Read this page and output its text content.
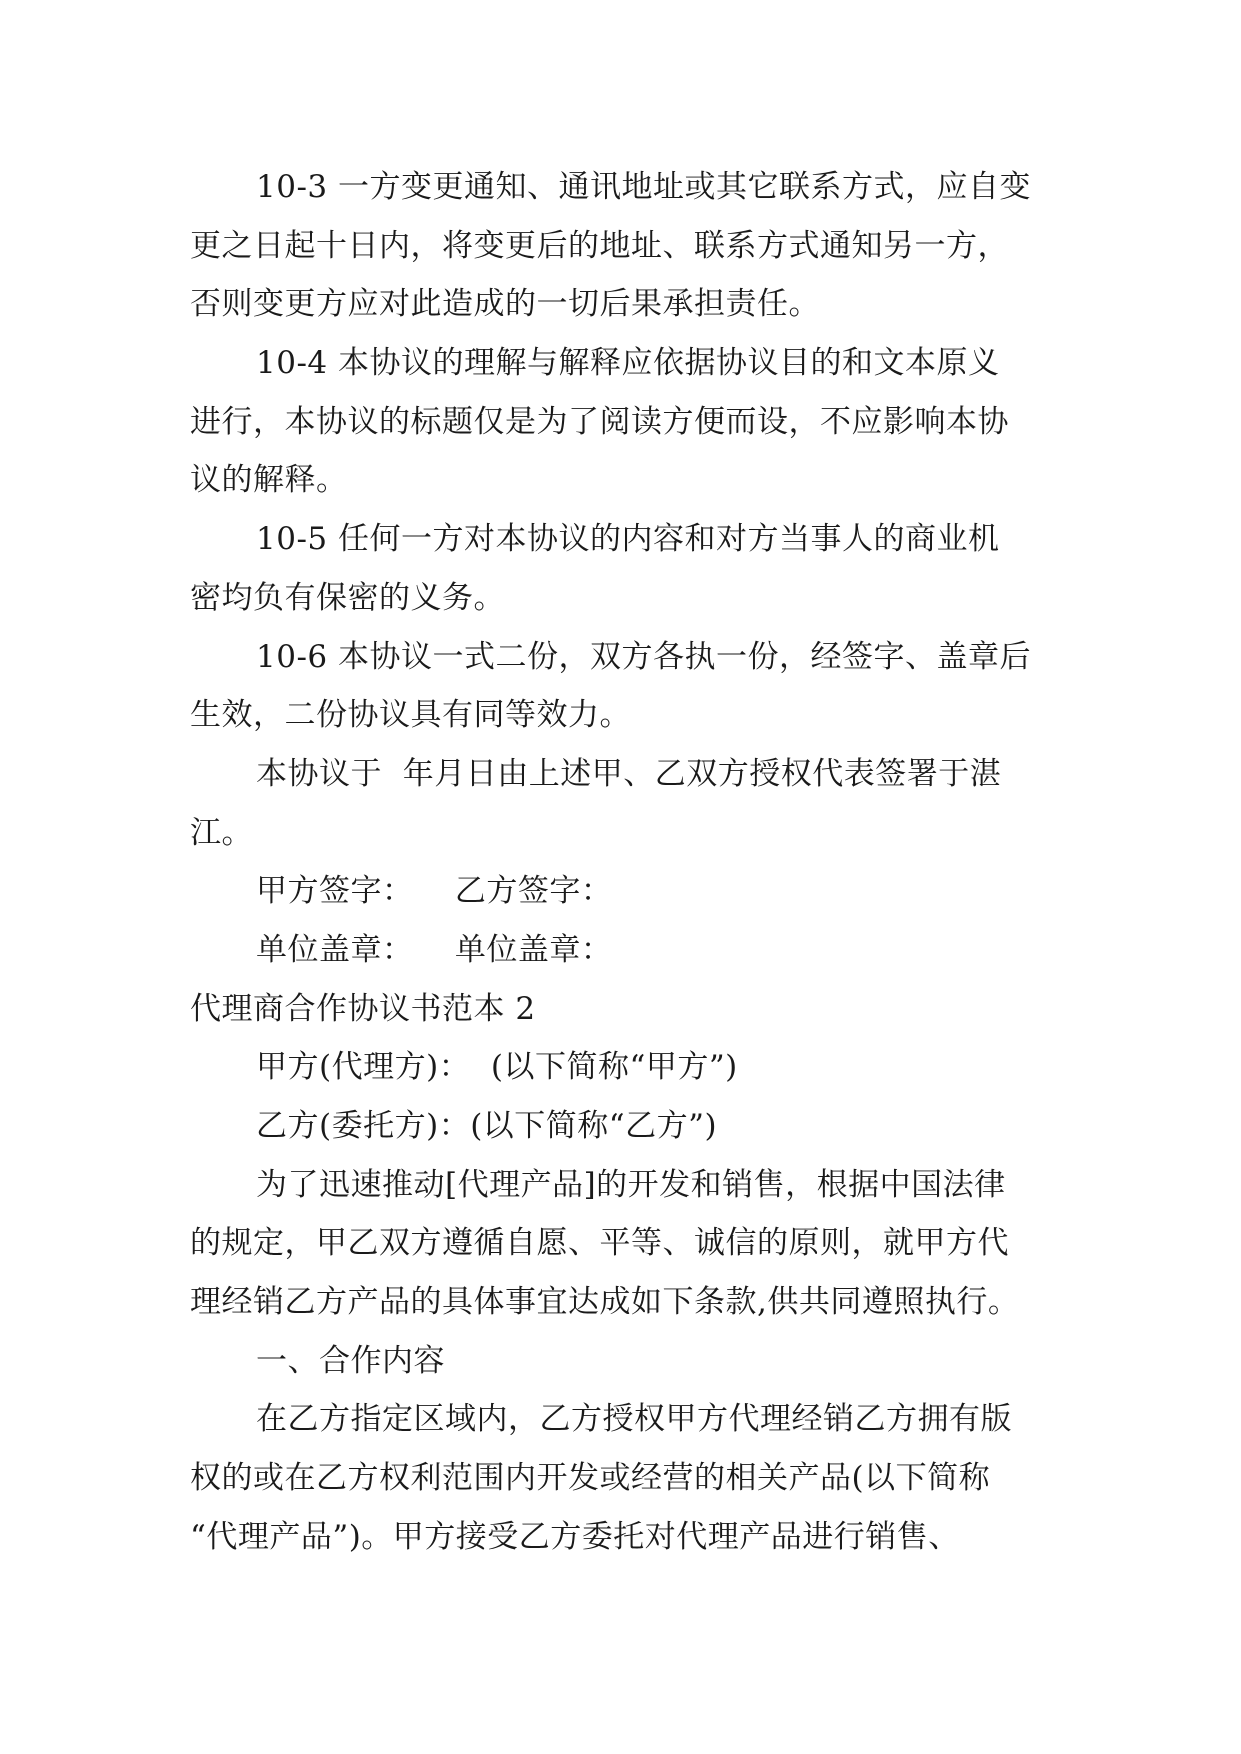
10-3 一方变更通知、通讯地址或其它联系方式，应自变
更之日起十日内，将变更后的地址、联系方式通知另一方，
否则变更方应对此造成的一切后果承担责任。
10-4 本协议的理解与解释应依据协议目的和文本原义
进行，本协议的标题仅是为了阅读方便而设，不应影响本协
议的解释。
10-5 任何一方对本协议的内容和对方当事人的商业机
密均负有保密的义务。
10-6 本协议一式二份，双方各执一份，经签字、盖章后
生效，二份协议具有同等效力。
本协议于  年月日由上述甲、乙双方授权代表签署于湛
江。
甲方签字：    乙方签字：
单位盖章：    单位盖章：
代理商合作协议书范本 2
甲方(代理方)：  (以下简称“甲方”)
乙方(委托方)：(以下简称“乙方”)
为了迅速推动[代理产品]的开发和销售，根据中国法律
的规定，甲乙双方遵循自愿、平等、诚信的原则，就甲方代
理经销乙方产品的具体事宜达成如下条款,供共同遵照执行。
一、合作内容
在乙方指定区域内，乙方授权甲方代理经销乙方拥有版
权的或在乙方权利范围内开发或经营的相关产品(以下简称
“代理产品”)。甲方接受乙方委托对代理产品进行销售、
